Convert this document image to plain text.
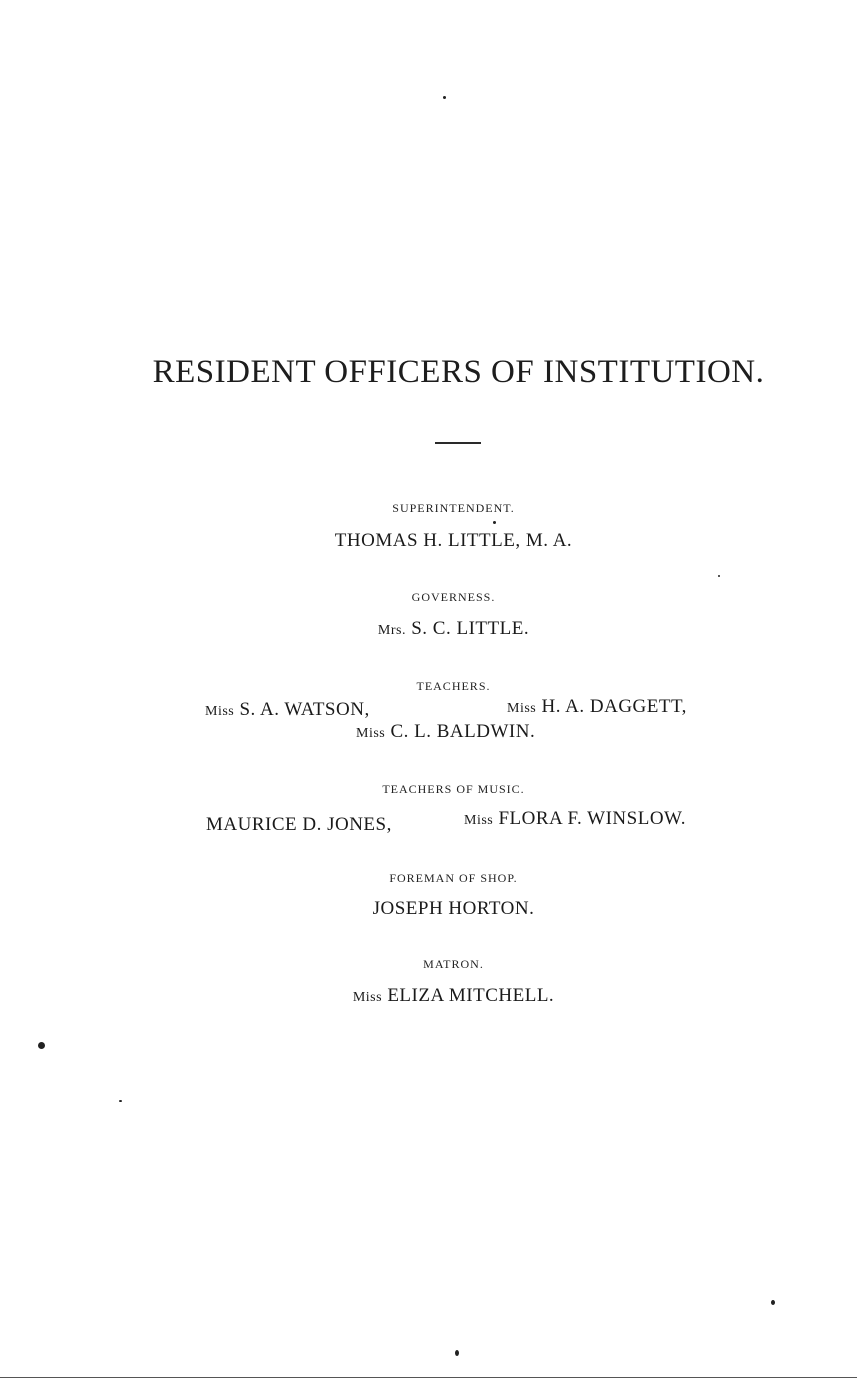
RESIDENT OFFICERS OF INSTITUTION.
SUPERINTENDENT.
THOMAS H. LITTLE, M. A.
GOVERNESS.
Mrs. S. C. LITTLE.
TEACHERS.
Miss S. A. WATSON,	Miss H. A. DAGGETT,
Miss C. L. BALDWIN.
TEACHERS OF MUSIC.
MAURICE D. JONES,	Miss FLORA F. WINSLOW.
FOREMAN OF SHOP.
JOSEPH HORTON.
MATRON.
Miss ELIZA MITCHELL.
